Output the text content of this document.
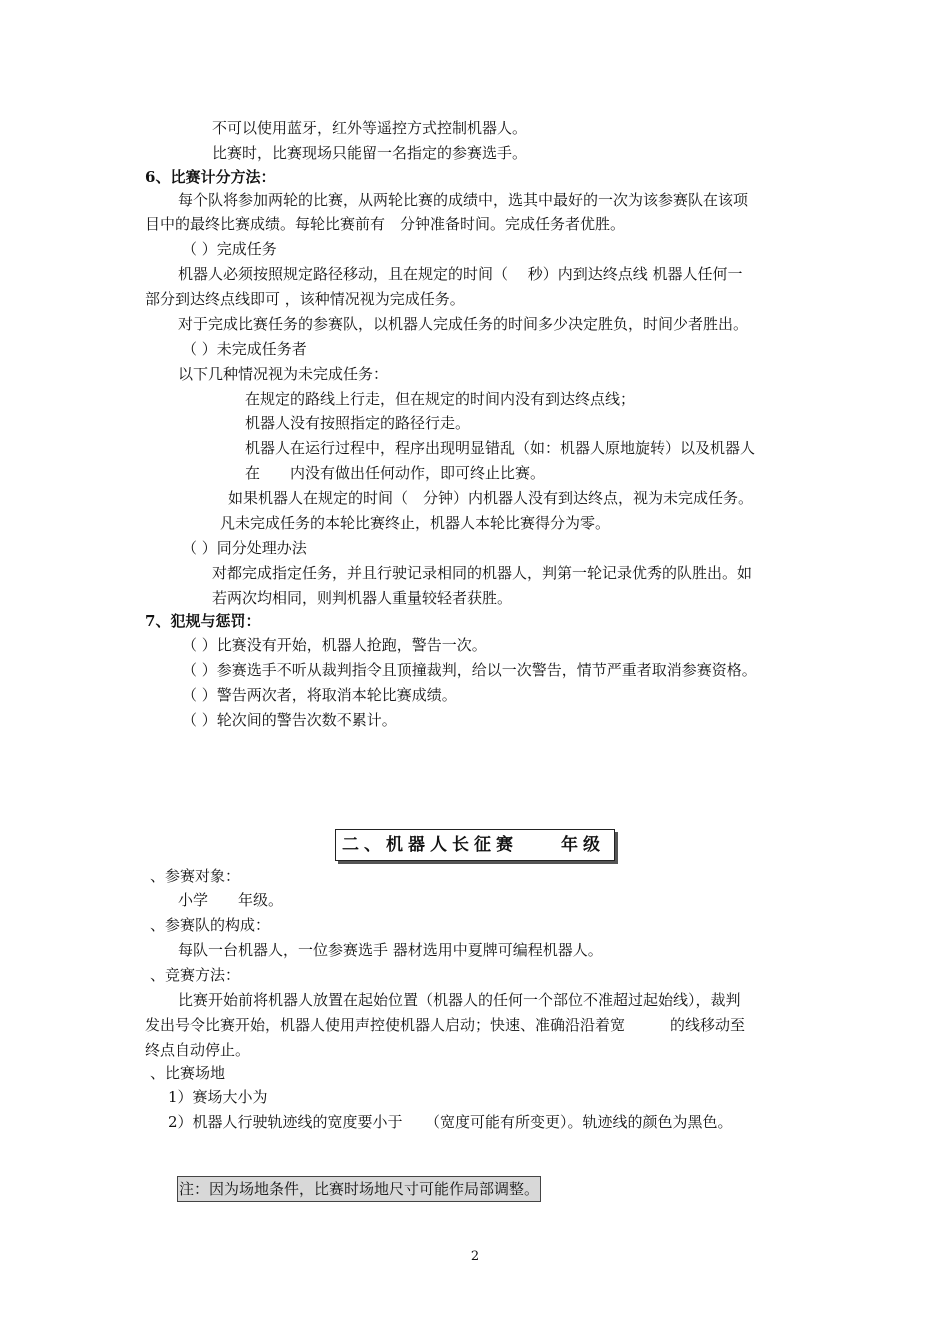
不可以使用蓝牙，红外等遥控方式控制机器人。
比赛时，比赛现场只能留一名指定的参赛选手。
6、比赛计分方法：
每个队将参加两轮的比赛，从两轮比赛的成绩中，选其中最好的一次为该参赛队在该项
目中的最终比赛成绩。每轮比赛前有　分钟准备时间。完成任务者优胜。
（ ）完成任务
机器人必须按照规定路径移动，且在规定的时间（　 秒）内到达终点线 机器人任何一
部分到达终点线即可 ，该种情况视为完成任务。
对于完成比赛任务的参赛队，以机器人完成任务的时间多少决定胜负，时间少者胜出。
（ ）未完成任务者
以下几种情况视为未完成任务：
在规定的路线上行走，但在规定的时间内没有到达终点线；
机器人没有按照指定的路径行走。
机器人在运行过程中，程序出现明显错乱（如：机器人原地旋转）以及机器人
在　　内没有做出任何动作，即可终止比赛。
如果机器人在规定的时间（　分钟）内机器人没有到达终点，视为未完成任务。
凡未完成任务的本轮比赛终止，机器人本轮比赛得分为零。
（ ）同分处理办法
对都完成指定任务，并且行驶记录相同的机器人，判第一轮记录优秀的队胜出。如
若两次均相同，则判机器人重量较轻者获胜。
7、犯规与惩罚：
（ ）比赛没有开始，机器人抢跑，警告一次。
（ ）参赛选手不听从裁判指令且顶撞裁判，给以一次警告，情节严重者取消参赛资格。
（ ）警告两次者，将取消本轮比赛成绩。
（ ）轮次间的警告次数不累计。
二、机器人长征赛	年级
、参赛对象：
小学　　年级。
、参赛队的构成：
每队一台机器人，一位参赛选手 器材选用中夏牌可编程机器人。
、竞赛方法：
比赛开始前将机器人放置在起始位置（机器人的任何一个部位不准超过起始线），裁判
发出号令比赛开始，机器人使用声控使机器人启动；快速、准确沿沿着宽　　　的线移动至
终点自动停止。
、比赛场地
1）赛场大小为
2）机器人行驶轨迹线的宽度要小于　　（宽度可能有所变更）。轨迹线的颜色为黑色。
注：因为场地条件，比赛时场地尺寸可能作局部调整。
2
